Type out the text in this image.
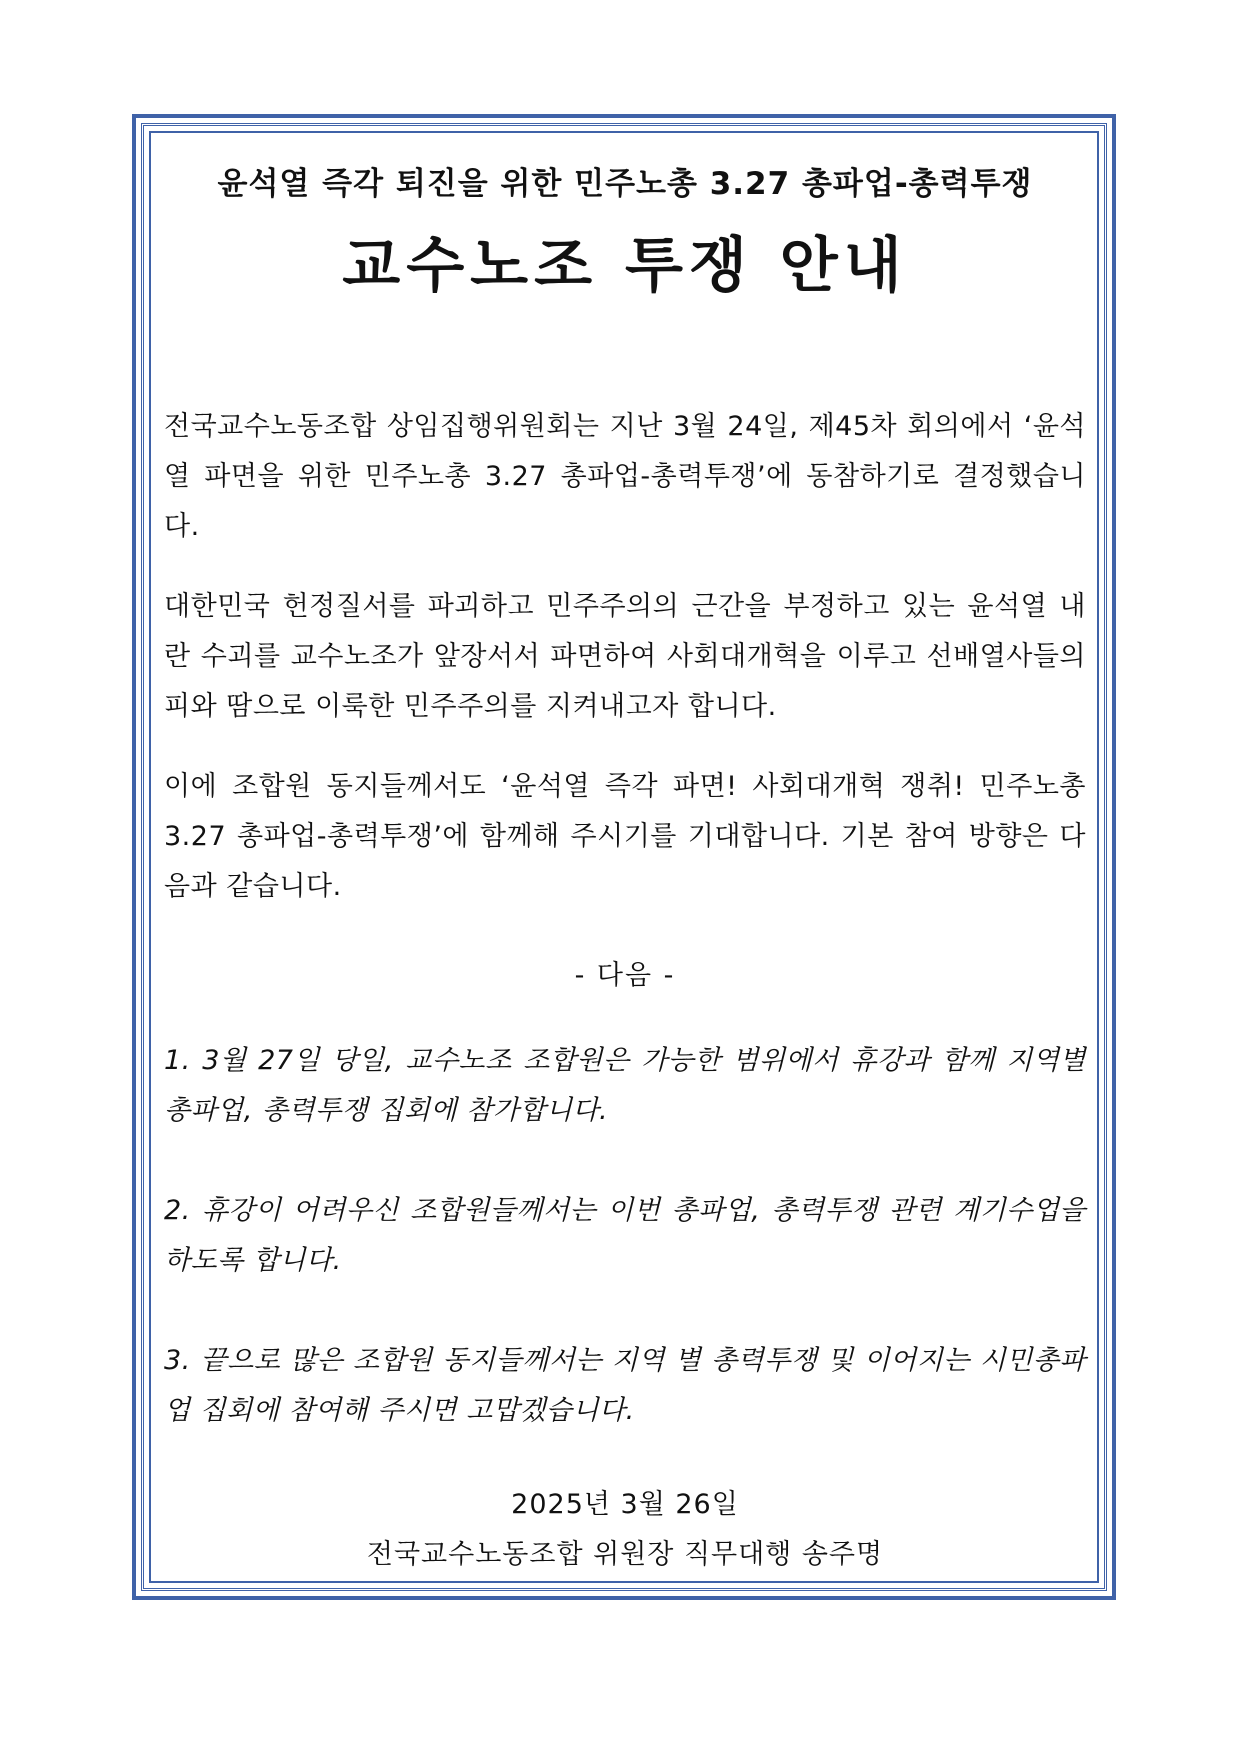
윤석열 즉각 퇴진을 위한 민주노총 3.27 총파업-총력투쟁
교수노조 투쟁 안내

전국교수노동조합 상임집행위원회는 지난 3월 24일, 제45차 회의에서 ‘윤석열 파면을 위한 민주노총 3.27 총파업-총력투쟁’에 동참하기로 결정했습니다.

대한민국 헌정질서를 파괴하고 민주주의의 근간을 부정하고 있는 윤석열 내란 수괴를 교수노조가 앞장서서 파면하여 사회대개혁을 이루고 선배열사들의 피와 땀으로 이룩한 민주주의를 지켜내고자 합니다.

이에 조합원 동지들께서도 ‘윤석열 즉각 파면! 사회대개혁 쟁취! 민주노총 3.27 총파업-총력투쟁’에 함께해 주시기를 기대합니다. 기본 참여 방향은 다음과 같습니다.

- 다음 -

1. 3월 27일 당일, 교수노조 조합원은 가능한 범위에서 휴강과 함께 지역별 총파업, 총력투쟁 집회에 참가합니다.

2. 휴강이 어려우신 조합원들께서는 이번 총파업, 총력투쟁 관련 계기수업을 하도록 합니다.

3. 끝으로 많은 조합원 동지들께서는 지역 별 총력투쟁 및 이어지는 시민총파업 집회에 참여해 주시면 고맙겠습니다.

2025년 3월 26일
전국교수노동조합 위원장 직무대행 송주명
